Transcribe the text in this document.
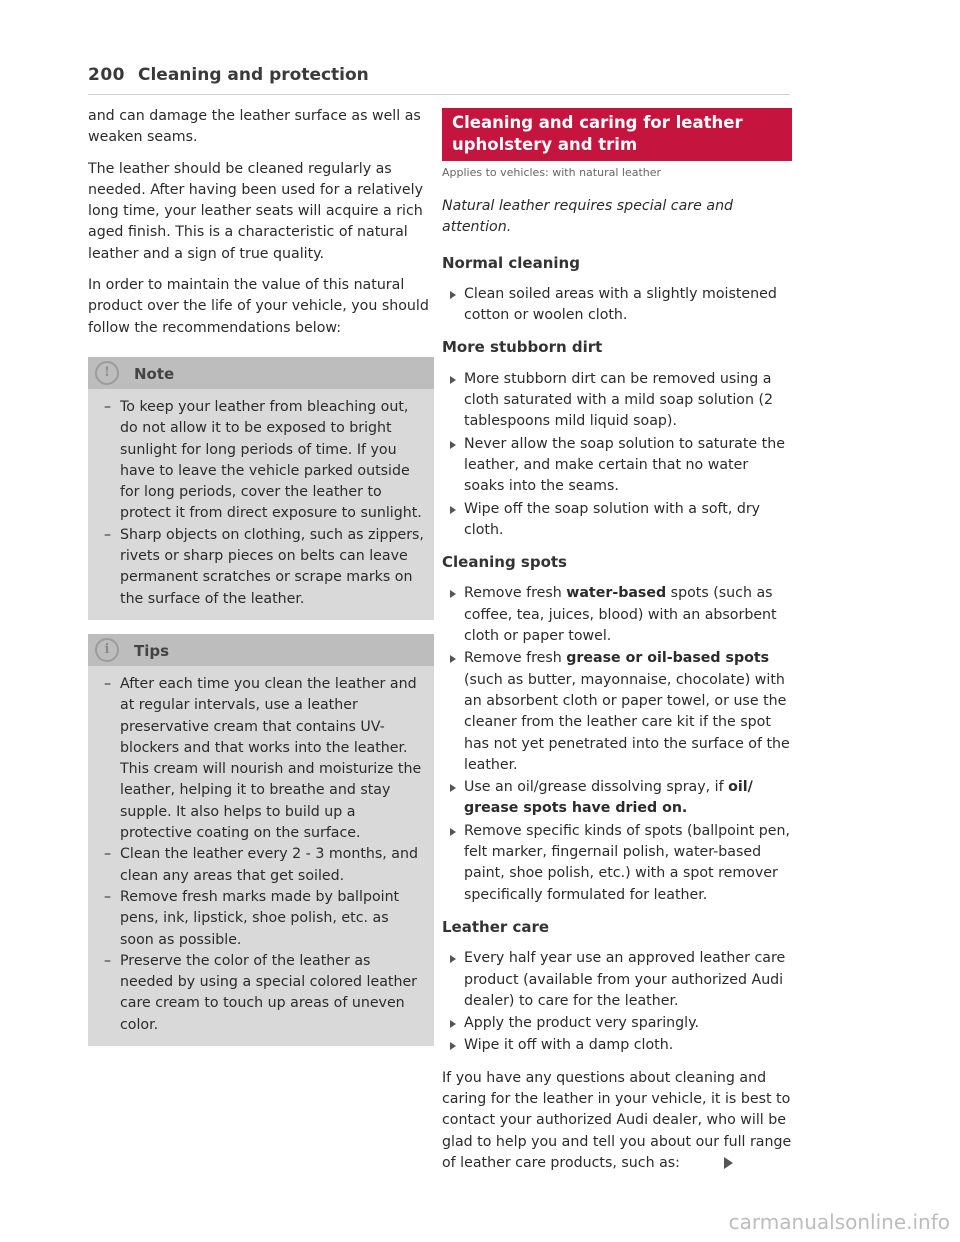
200 Cleaning and protection

and can damage the leather surface as well as weaken seams.

The leather should be cleaned regularly as needed. After having been used for a relatively long time, your leather seats will acquire a rich aged finish. This is a characteristic of natural leather and a sign of true quality.

In order to maintain the value of this natural product over the life of your vehicle, you should follow the recommendations below:

!	Note
– To keep your leather from bleaching out, do not allow it to be exposed to bright sunlight for long periods of time. If you have to leave the vehicle parked outside for long periods, cover the leather to protect it from direct exposure to sunlight.
– Sharp objects on clothing, such as zippers, rivets or sharp pieces on belts can leave permanent scratches or scrape marks on the surface of the leather.
i	Tips
– After each time you clean the leather and at regular intervals, use a leather preservative cream that contains UV-blockers and that works into the leather. This cream will nourish and moisturize the leather, helping it to breathe and stay supple. It also helps to build up a protective coating on the surface.
– Clean the leather every 2 - 3 months, and clean any areas that get soiled.
– Remove fresh marks made by ballpoint pens, ink, lipstick, shoe polish, etc. as soon as possible.
– Preserve the color of the leather as needed by using a special colored leather care cream to touch up areas of uneven color.
Cleaning and caring for leather upholstery and trim
Applies to vehicles: with natural leather

Natural leather requires special care and attention.

Normal cleaning
Clean soiled areas with a slightly moistened cotton or woolen cloth.
More stubborn dirt
More stubborn dirt can be removed using a cloth saturated with a mild soap solution (2 tablespoons mild liquid soap).
Never allow the soap solution to saturate the leather, and make certain that no water soaks into the seams.
Wipe off the soap solution with a soft, dry cloth.
Cleaning spots
Remove fresh water-based spots (such as coffee, tea, juices, blood) with an absorbent cloth or paper towel.
Remove fresh grease or oil-based spots (such as butter, mayonnaise, chocolate) with an absorbent cloth or paper towel, or use the cleaner from the leather care kit if the spot has not yet penetrated into the surface of the leather.
Use an oil/grease dissolving spray, if oil/ grease spots have dried on.
Remove specific kinds of spots (ballpoint pen, felt marker, fingernail polish, water-based paint, shoe polish, etc.) with a spot remover specifically formulated for leather.
Leather care
Every half year use an approved leather care product (available from your authorized Audi dealer) to care for the leather.
Apply the product very sparingly.
Wipe it off with a damp cloth.

If you have any questions about cleaning and caring for the leather in your vehicle, it is best to contact your authorized Audi dealer, who will be glad to help you and tell you about our full range of leather care products, such as:

carmanualsonline.info
